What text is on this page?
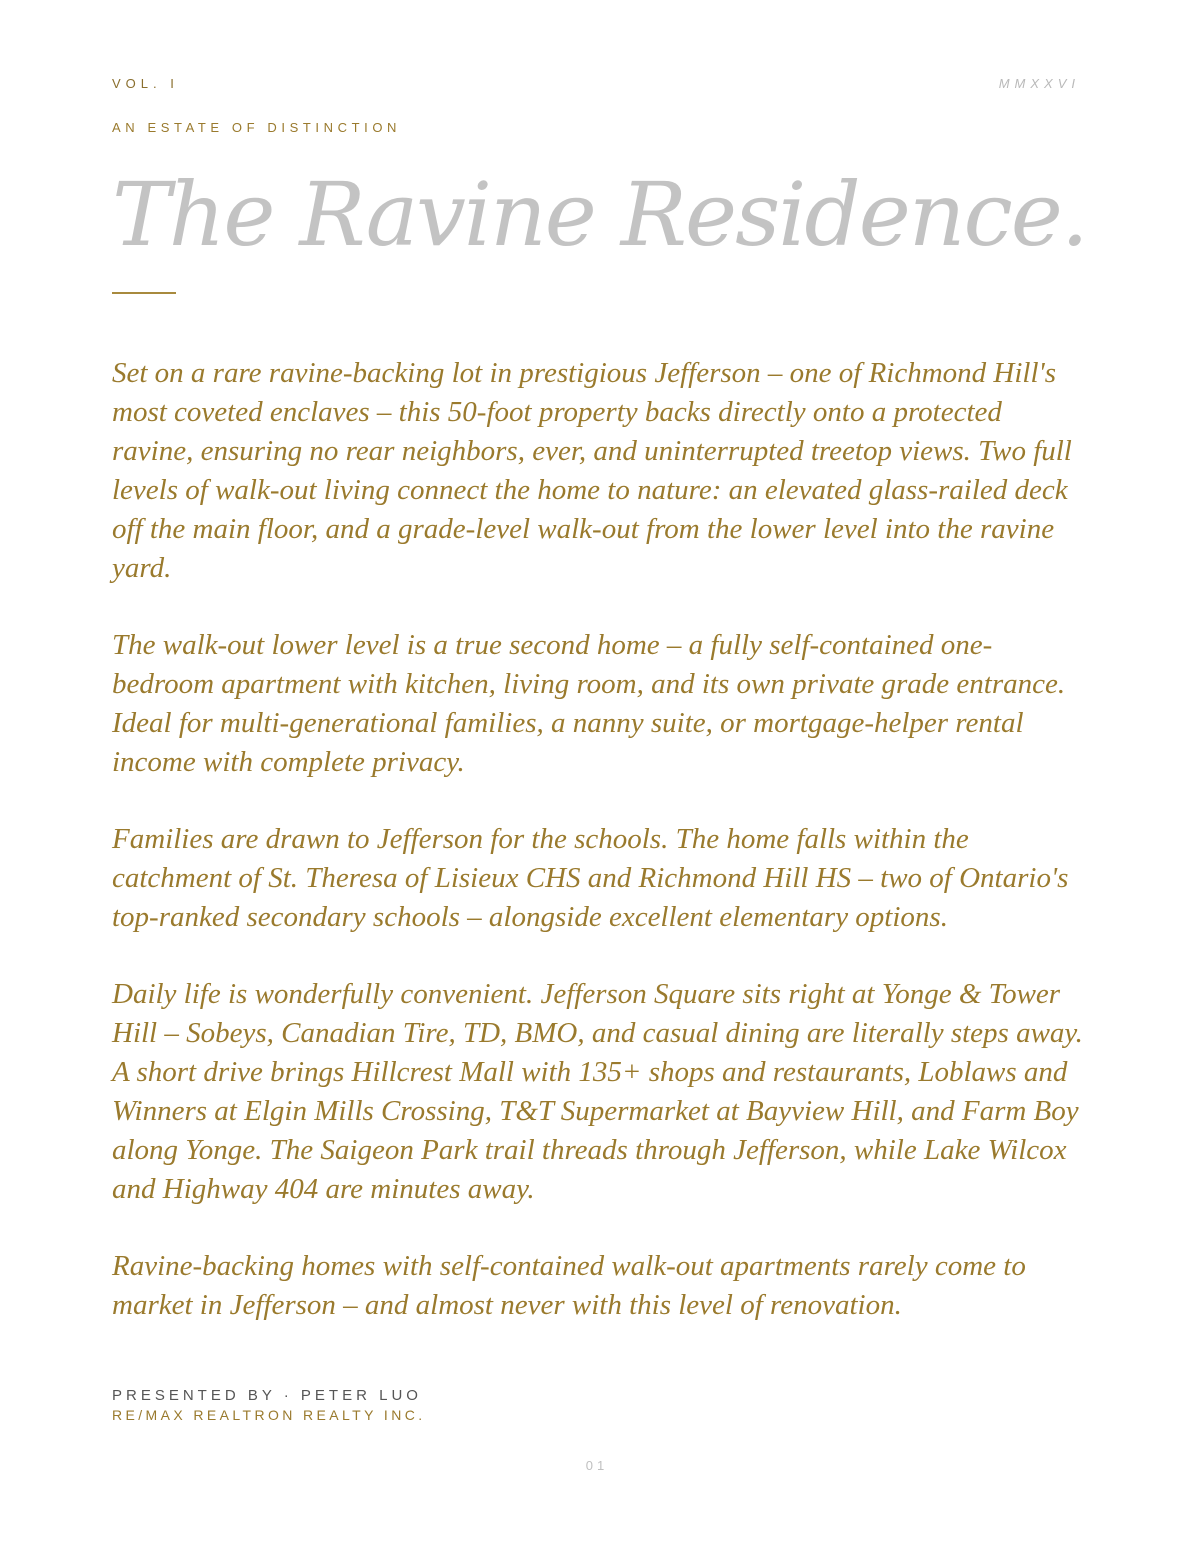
VOL. I	MMXXVI
AN ESTATE OF DISTINCTION
The Ravine Residence.

Set on a rare ravine-backing lot in prestigious Jefferson – one of Richmond Hill's most coveted enclaves – this 50-foot property backs directly onto a protected ravine, ensuring no rear neighbors, ever, and uninterrupted treetop views. Two full levels of walk-out living connect the home to nature: an elevated glass-railed deck off the main floor, and a grade-level walk-out from the lower level into the ravine yard.

The walk-out lower level is a true second home – a fully self-contained one-bedroom apartment with kitchen, living room, and its own private grade entrance. Ideal for multi-generational families, a nanny suite, or mortgage-helper rental income with complete privacy.

Families are drawn to Jefferson for the schools. The home falls within the catchment of St. Theresa of Lisieux CHS and Richmond Hill HS – two of Ontario's top-ranked secondary schools – alongside excellent elementary options.

Daily life is wonderfully convenient. Jefferson Square sits right at Yonge & Tower Hill – Sobeys, Canadian Tire, TD, BMO, and casual dining are literally steps away. A short drive brings Hillcrest Mall with 135+ shops and restaurants, Loblaws and Winners at Elgin Mills Crossing, T&T Supermarket at Bayview Hill, and Farm Boy along Yonge. The Saigeon Park trail threads through Jefferson, while Lake Wilcox and Highway 404 are minutes away.

Ravine-backing homes with self-contained walk-out apartments rarely come to market in Jefferson – and almost never with this level of renovation.

PRESENTED BY · PETER LUO
RE/MAX REALTRON REALTY INC.
01
